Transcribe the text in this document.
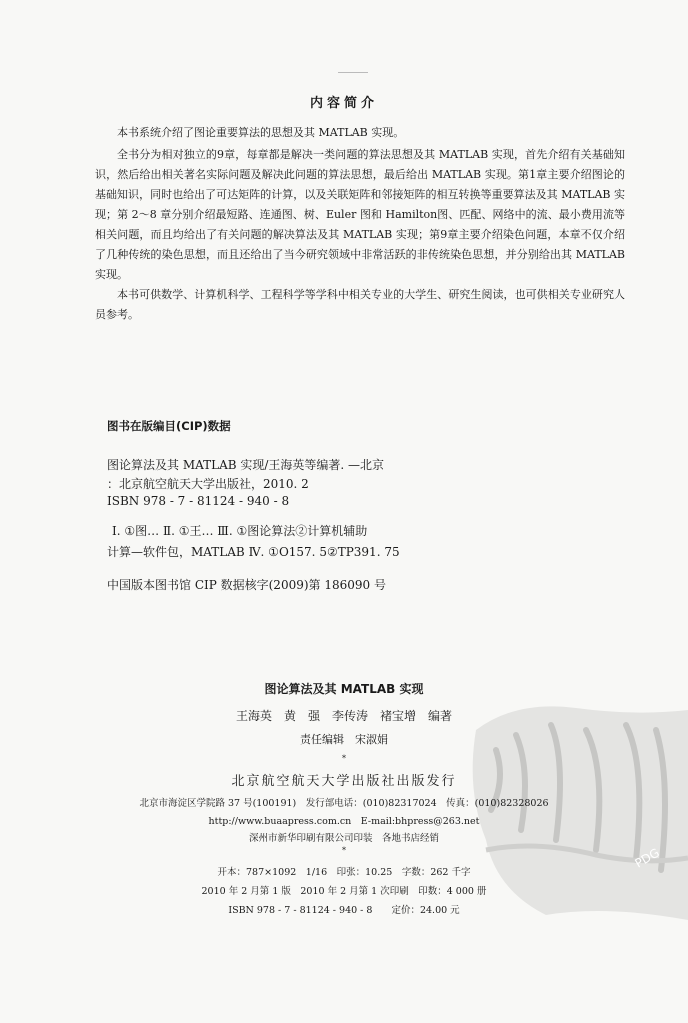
内容简介
本书系统介绍了图论重要算法的思想及其 MATLAB 实现。
全书分为相对独立的9章，每章都是解决一类问题的算法思想及其 MATLAB 实现，首先介绍有关基础知识，然后给出相关著名实际问题及解决此问题的算法思想，最后给出 MATLAB 实现。第1章主要介绍图论的基础知识，同时也给出了可达矩阵的计算，以及关联矩阵和邻接矩阵的相互转换等重要算法及其 MATLAB 实现；第 2～8 章分别介绍最短路、连通图、树、Euler 图和 Hamilton图、匹配、网络中的流、最小费用流等相关问题，而且均给出了有关问题的解决算法及其 MATLAB 实现；第9章主要介绍染色问题，本章不仅介绍了几种传统的染色思想，而且还给出了当今研究领域中非常活跃的非传统染色思想，并分别给出其 MATLAB 实现。
本书可供数学、计算机科学、工程科学等学科中相关专业的大学生、研究生阅读，也可供相关专业研究人员参考。
图书在版编目(CIP)数据
图论算法及其 MATLAB 实现/王海英等编著. —北京
：北京航空航天大学出版社，2010. 2
ISBN 978 - 7 - 81124 - 940 - 8
Ⅰ. ①图… Ⅱ. ①王… Ⅲ. ①图论算法②计算机辅助
计算—软件包，MATLAB Ⅳ. ①O157. 5②TP391. 75
中国版本图书馆 CIP 数据核字(2009)第 186090 号
PDG
图论算法及其 MATLAB 实现
王海英　黄　强　李传涛　褚宝增　编著
责任编辑　宋淑娟
*
北京航空航天大学出版社出版发行
北京市海淀区学院路 37 号(100191)　发行部电话：(010)82317024　传真：(010)82328026
http://www.buaapress.com.cn　E-mail:bhpress@263.net
深州市新华印刷有限公司印装　各地书店经销
*
开本：787×1092　1/16　印张：10.25　字数：262 千字
2010 年 2 月第 1 版　2010 年 2 月第 1 次印刷　印数：4 000 册
ISBN 978 - 7 - 81124 - 940 - 8　　定价：24.00 元
